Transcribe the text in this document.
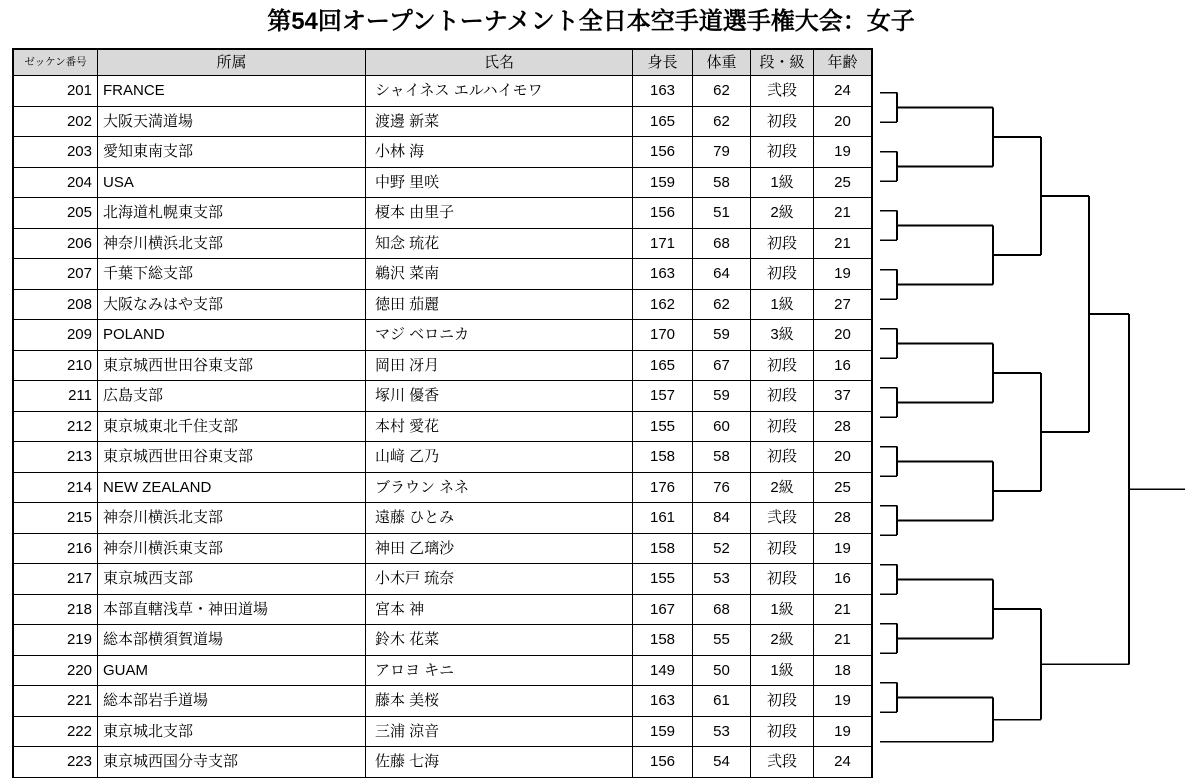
第54回オープントーナメント全日本空手道選手権大会：女子
ゼッケン番号	所属	氏名	身長	体重	段・級	年齢
201	FRANCE	シャイネス エルハイモワ	163	62	弐段	24
202	大阪天満道場	渡邊 新菜	165	62	初段	20
203	愛知東南支部	小林 海	156	79	初段	19
204	USA	中野 里咲	159	58	1級	25
205	北海道札幌東支部	榎本 由里子	156	51	2級	21
206	神奈川横浜北支部	知念 琉花	171	68	初段	21
207	千葉下総支部	鵜沢 菜南	163	64	初段	19
208	大阪なみはや支部	徳田 茄麗	162	62	1級	27
209	POLAND	マジ ベロニカ	170	59	3級	20
210	東京城西世田谷東支部	岡田 冴月	165	67	初段	16
211	広島支部	塚川 優香	157	59	初段	37
212	東京城東北千住支部	本村 愛花	155	60	初段	28
213	東京城西世田谷東支部	山﨑 乙乃	158	58	初段	20
214	NEW ZEALAND	ブラウン ネネ	176	76	2級	25
215	神奈川横浜北支部	遠藤 ひとみ	161	84	弐段	28
216	神奈川横浜東支部	神田 乙璃沙	158	52	初段	19
217	東京城西支部	小木戸 琉奈	155	53	初段	16
218	本部直轄浅草・神田道場	宮本 神	167	68	1級	21
219	総本部横須賀道場	鈴木 花菜	158	55	2級	21
220	GUAM	アロヨ キニ	149	50	1級	18
221	総本部岩手道場	藤本 美桜	163	61	初段	19
222	東京城北支部	三浦 涼音	159	53	初段	19
223	東京城西国分寺支部	佐藤 七海	156	54	弐段	24
